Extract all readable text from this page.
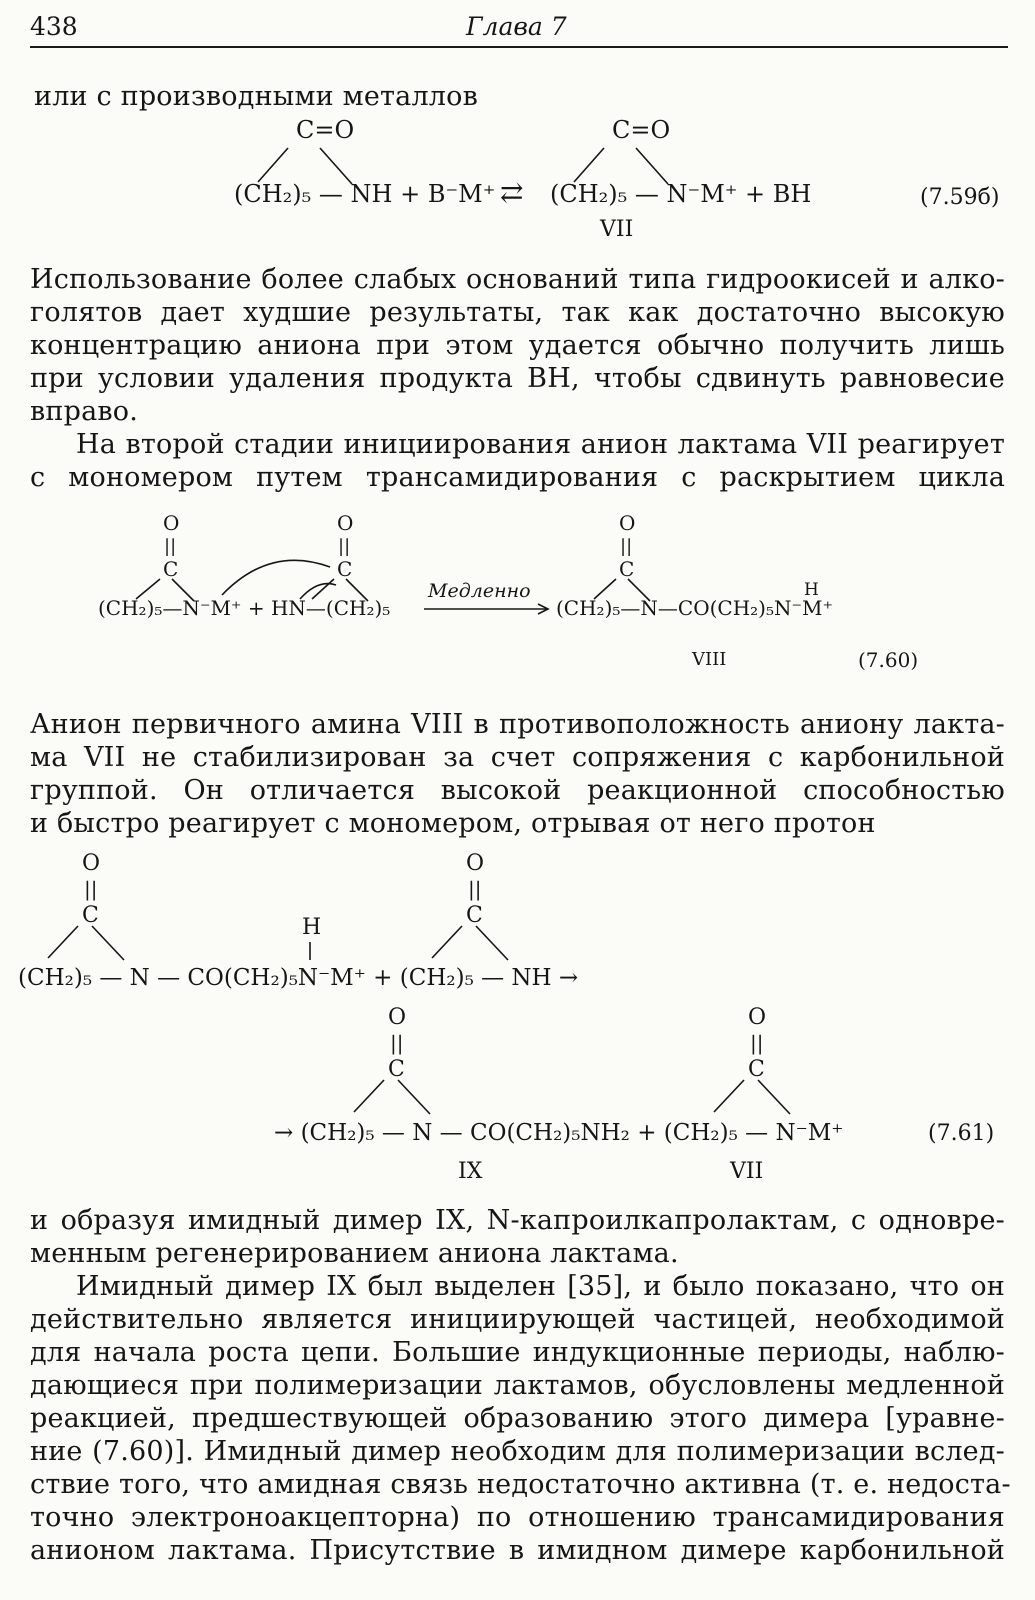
438	Глава 7
или с производными металлов
C=O	C=O
(CH₂)₅ — NH + B⁻M⁺ ⇄ (CH₂)₅ — N⁻M⁺ + BH
VII
(7.59б)
Использование более слабых оснований типа гидроокисей и алко-
голятов дает худшие результаты, так как достаточно высокую
концентрацию аниона при этом удается обычно получить лишь
при условии удаления продукта ВН, чтобы сдвинуть равновесие
вправо.
На второй стадии инициирования анион лактама VII реагирует
с мономером путем трансамидирования с раскрытием цикла
O
||
C
O
||
C
O
||
C
(CH₂)₅—N⁻M⁺ + HN—(CH₂)₅
Медленно
(CH₂)₅—N—CO(CH₂)₅N⁻M⁺
H
VIII	(7.60)
Анион первичного амина VIII в противоположность аниону лакта-
ма VII не стабилизирован за счет сопряжения с карбонильной
группой. Он отличается высокой реакционной способностью
и быстро реагирует с мономером, отрывая от него протон
O
||
C
O
||
C
H
(CH₂)₅ — N — CO(CH₂)₅N⁻M⁺ + (CH₂)₅ — NH →
O
||
C
O
||
C
→ (CH₂)₅ — N — CO(CH₂)₅NH₂ + (CH₂)₅ — N⁻M⁺
IX	VII
(7.61)
и образуя имидный димер IX, N-капроилкапролактам, с одновре-
менным регенерированием аниона лактама.
Имидный димер IX был выделен [35], и было показано, что он
действительно является инициирующей частицей, необходимой
для начала роста цепи. Большие индукционные периоды, наблю-
дающиеся при полимеризации лактамов, обусловлены медленной
реакцией, предшествующей образованию этого димера [уравне-
ние (7.60)]. Имидный димер необходим для полимеризации вслед-
ствие того, что амидная связь недостаточно активна (т. е. недоста-
точно электроноакцепторна) по отношению трансамидирования
анионом лактама. Присутствие в имидном димере карбонильной
